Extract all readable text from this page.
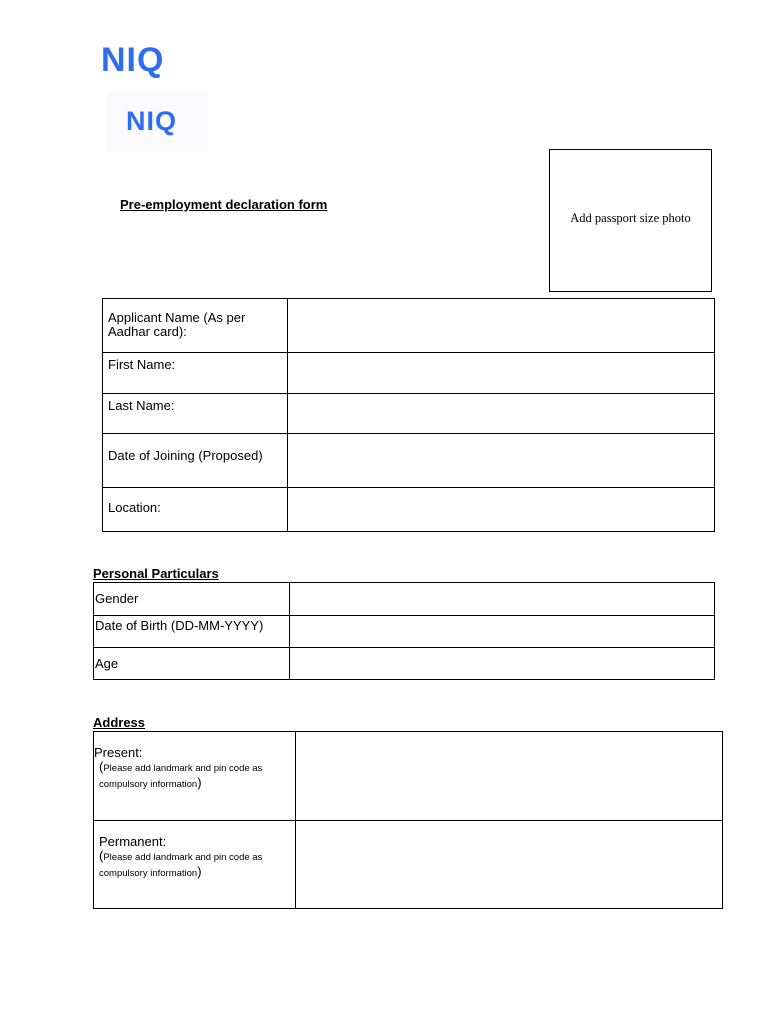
NIQ
NIQ
Pre-employment declaration form
Add passport size photo
Applicant Name (As per Aadhar card):	
First Name:	
Last Name:	
Date of Joining (Proposed)	
Location:	
Personal Particulars
Gender	
Date of Birth (DD-MM-YYYY)	
Age	
Address
Present:
(Please add landmark and pin code as compulsory information)	

Permanent:
(Please add landmark and pin code as compulsory information)	
